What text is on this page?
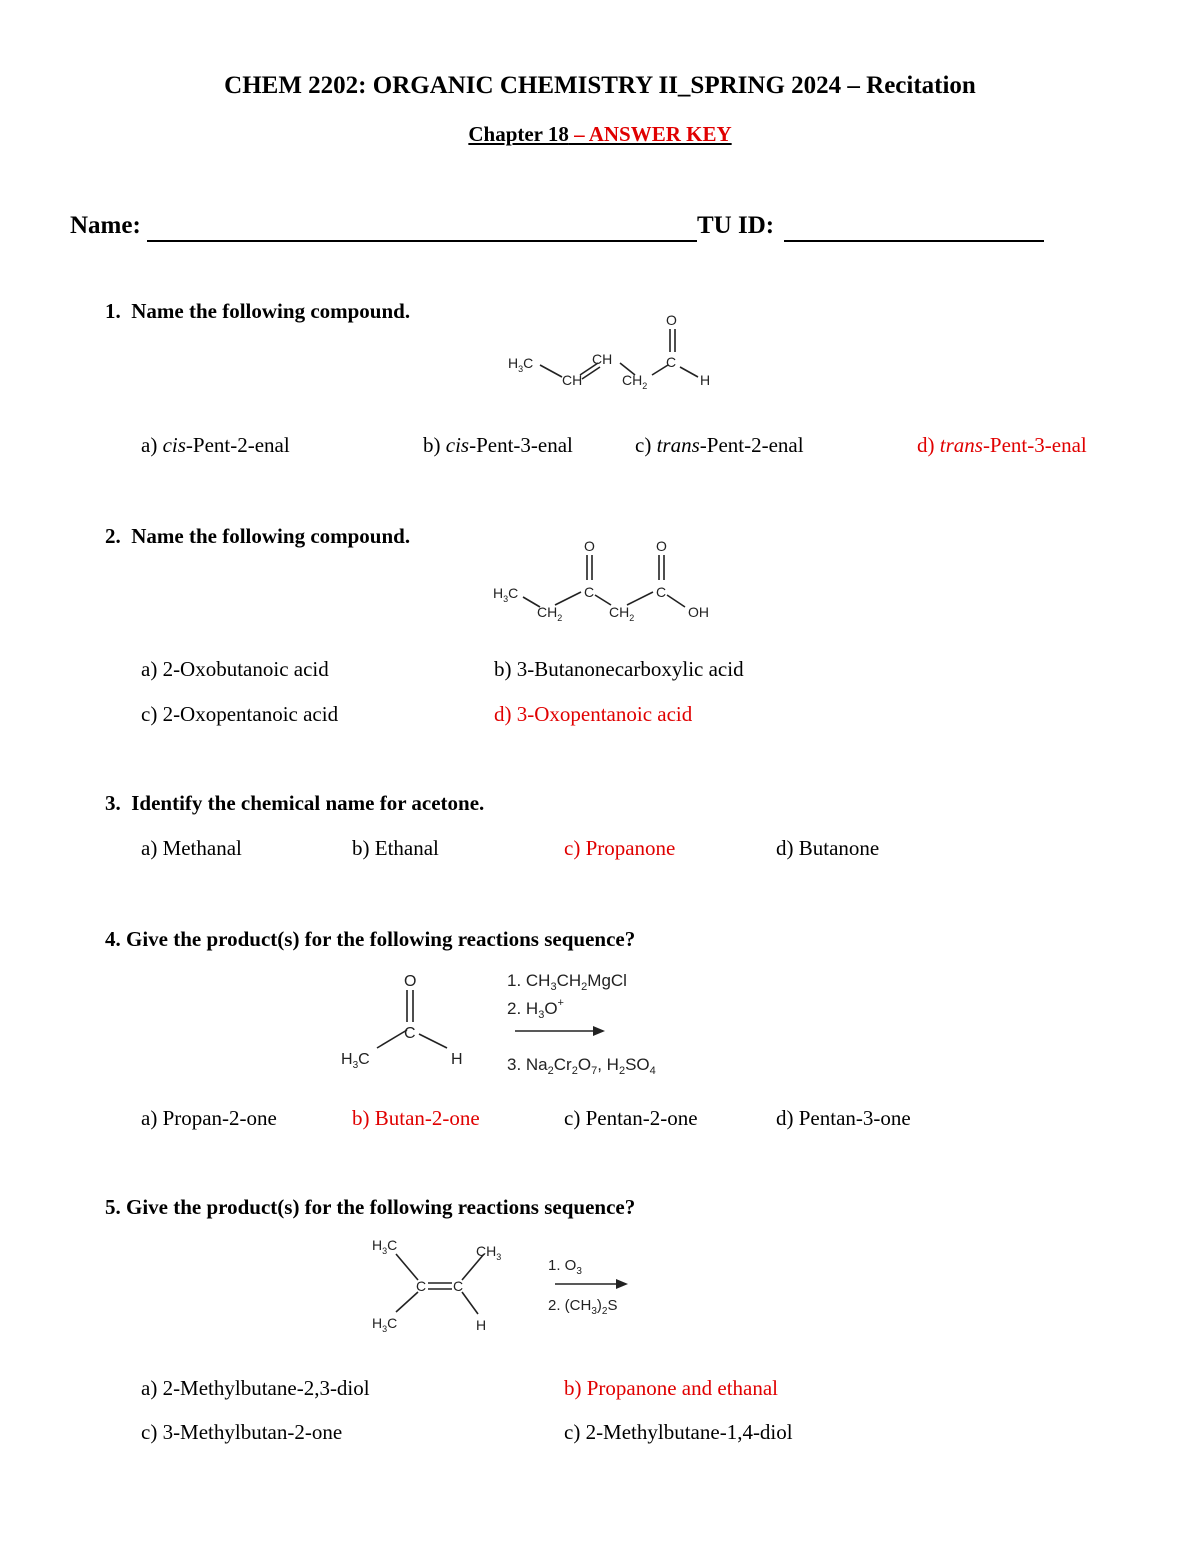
CHEM 2202: ORGANIC CHEMISTRY II_SPRING 2024 – Recitation
Chapter 18 – ANSWER KEY
Name:	TU ID:
1. Name the following compound.
$H_3C$
CH
CH
$CH_2$
O
C
H
a) cis-Pent-2-enal	b) cis-Pent-3-enal	c) trans-Pent-2-enal	d) trans-Pent-3-enal
2. Name the following compound.
$H_3C$
$CH_2$
O
C
$CH_2$
O
C
OH
a) 2-Oxobutanoic acid	b) 3-Butanonecarboxylic acid
c) 2-Oxopentanoic acid	d) 3-Oxopentanoic acid
3. Identify the chemical name for acetone.
a) Methanal	b) Ethanal	c) Propanone	d) Butanone
4. Give the product(s) for the following reactions sequence?
$H_3C$
O
C
H
1. $CH_3CH_2MgCl$
2. $H_3O^+$
3. $Na_2Cr_2O_7$, $H_2SO_4$
a) Propan-2-one	b) Butan-2-one	c) Pentan-2-one	d) Pentan-3-one
5. Give the product(s) for the following reactions sequence?
$H_3C$
$H_3C$
C C
$CH_3$
H
1. $O_3$
2. $(CH_3)_2S$
a) 2-Methylbutane-2,3-diol	b) Propanone and ethanal
c) 3-Methylbutan-2-one	c) 2-Methylbutane-1,4-diol
